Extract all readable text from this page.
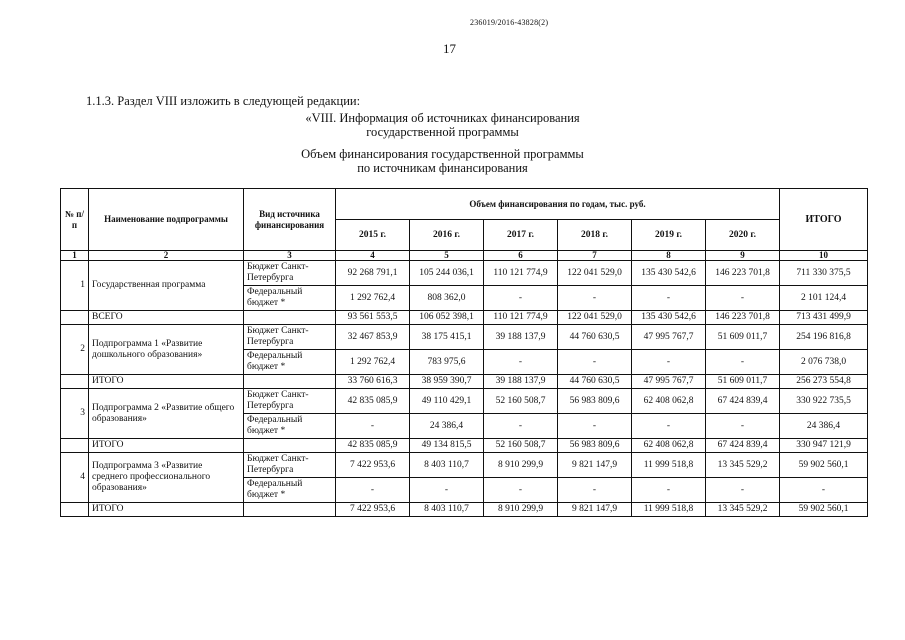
236019/2016-43828(2)
17
1.1.3. Раздел VIII изложить в следующей редакции:
«VIII. Информация об источниках финансирования
государственной программы
Объем финансирования государственной программы
по источникам финансирования
№ п/п	Наименование подпрограммы	Вид источника финансирования	Объем финансирования по годам, тыс. руб.						ИТОГО
			2015 г.	2016 г.	2017 г.	2018 г.	2019 г.	2020 г.	
1	2	3	4	5	6	7	8	9	10
1	Государственная программа	Бюджет Санкт-Петербурга	92 268 791,1	105 244 036,1	110 121 774,9	122 041 529,0	135 430 542,6	146 223 701,8	711 330 375,5
		Федеральный бюджет *	1 292 762,4	808 362,0	-	-	-	-	2 101 124,4
	ВСЕГО		93 561 553,5	106 052 398,1	110 121 774,9	122 041 529,0	135 430 542,6	146 223 701,8	713 431 499,9
2	Подпрограмма 1 «Развитие дошкольного образования»	Бюджет Санкт-Петербурга	32 467 853,9	38 175 415,1	39 188 137,9	44 760 630,5	47 995 767,7	51 609 011,7	254 196 816,8
		Федеральный бюджет *	1 292 762,4	783 975,6	-	-	-	-	2 076 738,0
	ИТОГО		33 760 616,3	38 959 390,7	39 188 137,9	44 760 630,5	47 995 767,7	51 609 011,7	256 273 554,8
3	Подпрограмма 2 «Развитие общего образования»	Бюджет Санкт-Петербурга	42 835 085,9	49 110 429,1	52 160 508,7	56 983 809,6	62 408 062,8	67 424 839,4	330 922 735,5
		Федеральный бюджет *	-	24 386,4	-	-	-	-	24 386,4
	ИТОГО		42 835 085,9	49 134 815,5	52 160 508,7	56 983 809,6	62 408 062,8	67 424 839,4	330 947 121,9
4	Подпрограмма 3 «Развитие среднего профессионального образования»	Бюджет Санкт-Петербурга	7 422 953,6	8 403 110,7	8 910 299,9	9 821 147,9	11 999 518,8	13 345 529,2	59 902 560,1
		Федеральный бюджет *	-	-	-	-	-	-	-
	ИТОГО		7 422 953,6	8 403 110,7	8 910 299,9	9 821 147,9	11 999 518,8	13 345 529,2	59 902 560,1
